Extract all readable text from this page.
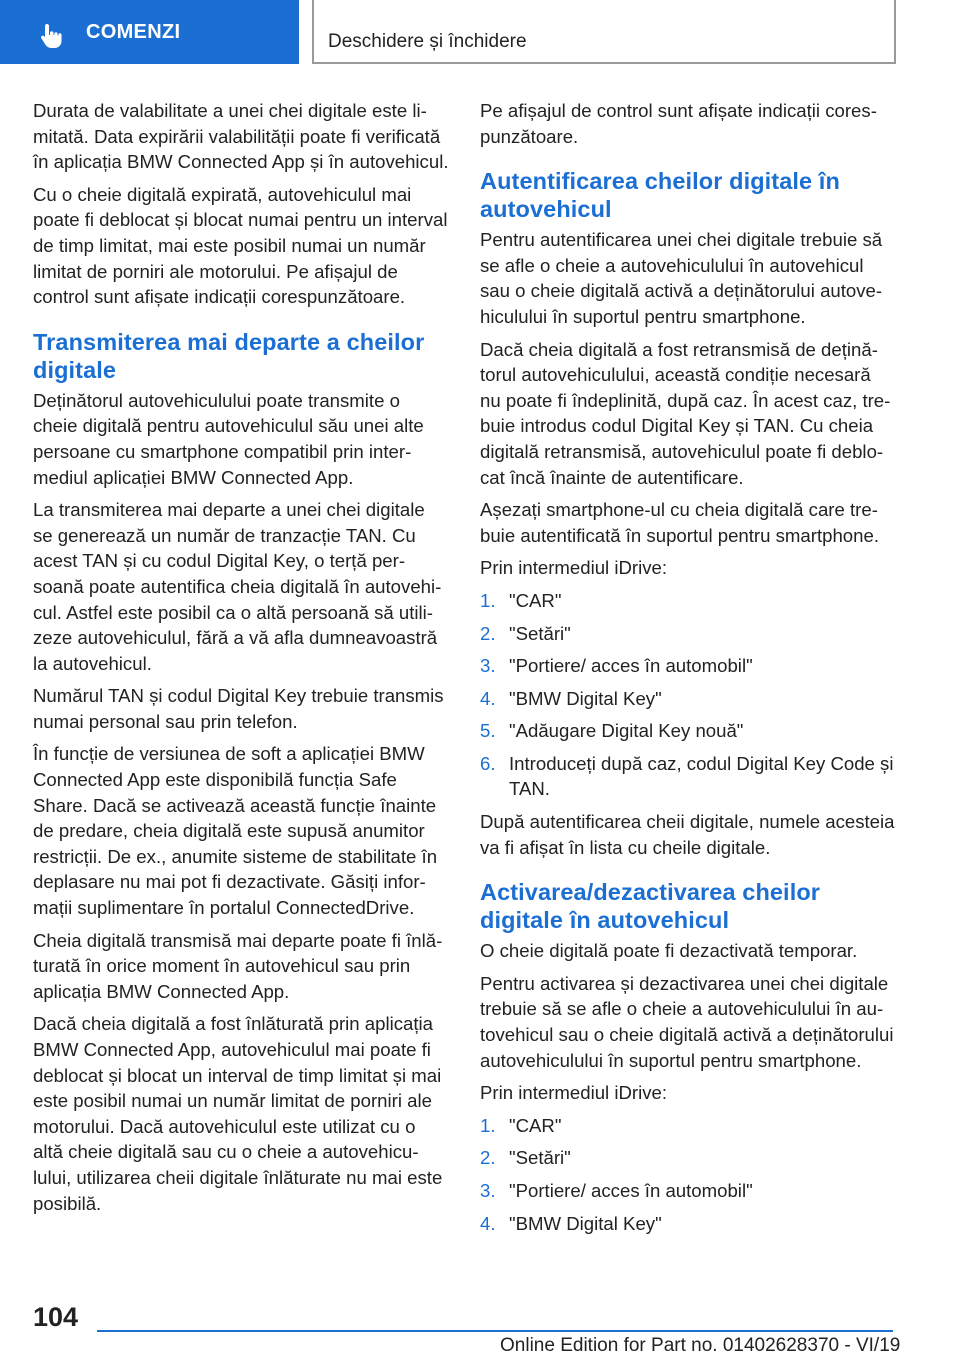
COMENZI	Deschidere și închidere

Durata de valabilitate a unei chei digitale este limitată. Data expirării valabilității poate fi verificată în aplicația BMW Connected App și în autovehicul.

Cu o cheie digitală expirată, autovehiculul mai poate fi deblocat și blocat numai pentru un interval de timp limitat, mai este posibil numai un număr limitat de porniri ale motorului. Pe afișajul de control sunt afișate indicații corespunzătoare.

Transmiterea mai departe a cheilor digitale

Deținătorul autovehiculului poate transmite o cheie digitală pentru autovehiculul său unei alte persoane cu smartphone compatibil prin intermediul aplicației BMW Connected App.

La transmiterea mai departe a unei chei digitale se generează un număr de tranzacție TAN. Cu acest TAN și cu codul Digital Key, o terță persoană poate autentifica cheia digitală în autovehicul. Astfel este posibil ca o altă persoană să utilizeze autovehiculul, fără a vă afla dumneavoastră la autovehicul.

Numărul TAN și codul Digital Key trebuie transmis numai personal sau prin telefon.

În funcție de versiunea de soft a aplicației BMW Connected App este disponibilă funcția Safe Share. Dacă se activează această funcție înainte de predare, cheia digitală este supusă anumitor restricții. De ex., anumite sisteme de stabilitate în deplasare nu mai pot fi dezactivate. Găsiți informații suplimentare în portalul ConnectedDrive.

Cheia digitală transmisă mai departe poate fi înlăturată în orice moment în autovehicul sau prin aplicația BMW Connected App.

Dacă cheia digitală a fost înlăturată prin aplicația BMW Connected App, autovehiculul mai poate fi deblocat și blocat un interval de timp limitat și mai este posibil numai un număr limitat de porniri ale motorului. Dacă autovehiculul este utilizat cu o altă cheie digitală sau cu o cheie a autovehiculului, utilizarea cheii digitale înlăturate nu mai este posibilă.

Pe afișajul de control sunt afișate indicații corespunzătoare.

Autentificarea cheilor digitale în autovehicul

Pentru autentificarea unei chei digitale trebuie să se afle o cheie a autovehiculului în autovehicul sau o cheie digitală activă a deținătorului autovehiculului în suportul pentru smartphone.

Dacă cheia digitală a fost retransmisă de deținătorul autovehiculului, această condiție necesară nu poate fi îndeplinită, după caz. În acest caz, trebuie introdus codul Digital Key și TAN. Cu cheia digitală retransmisă, autovehiculul poate fi deblocat încă înainte de autentificare.

Așezați smartphone-ul cu cheia digitală care trebuie autentificată în suportul pentru smartphone.

Prin intermediul iDrive:

1. "CAR"
2. "Setări"
3. "Portiere/ acces în automobil"
4. "BMW Digital Key"
5. "Adăugare Digital Key nouă"
6. Introduceți după caz, codul Digital Key Code și TAN.

După autentificarea cheii digitale, numele acesteia va fi afișat în lista cu cheile digitale.

Activarea/dezactivarea cheilor digitale în autovehicul

O cheie digitală poate fi dezactivată temporar.

Pentru activarea și dezactivarea unei chei digitale trebuie să se afle o cheie a autovehiculului în autovehicul sau o cheie digitală activă a deținătorului autovehiculului în suportul pentru smartphone.

Prin intermediul iDrive:

1. "CAR"
2. "Setări"
3. "Portiere/ acces în automobil"
4. "BMW Digital Key"
104
Online Edition for Part no. 01402628370 - VI/19
